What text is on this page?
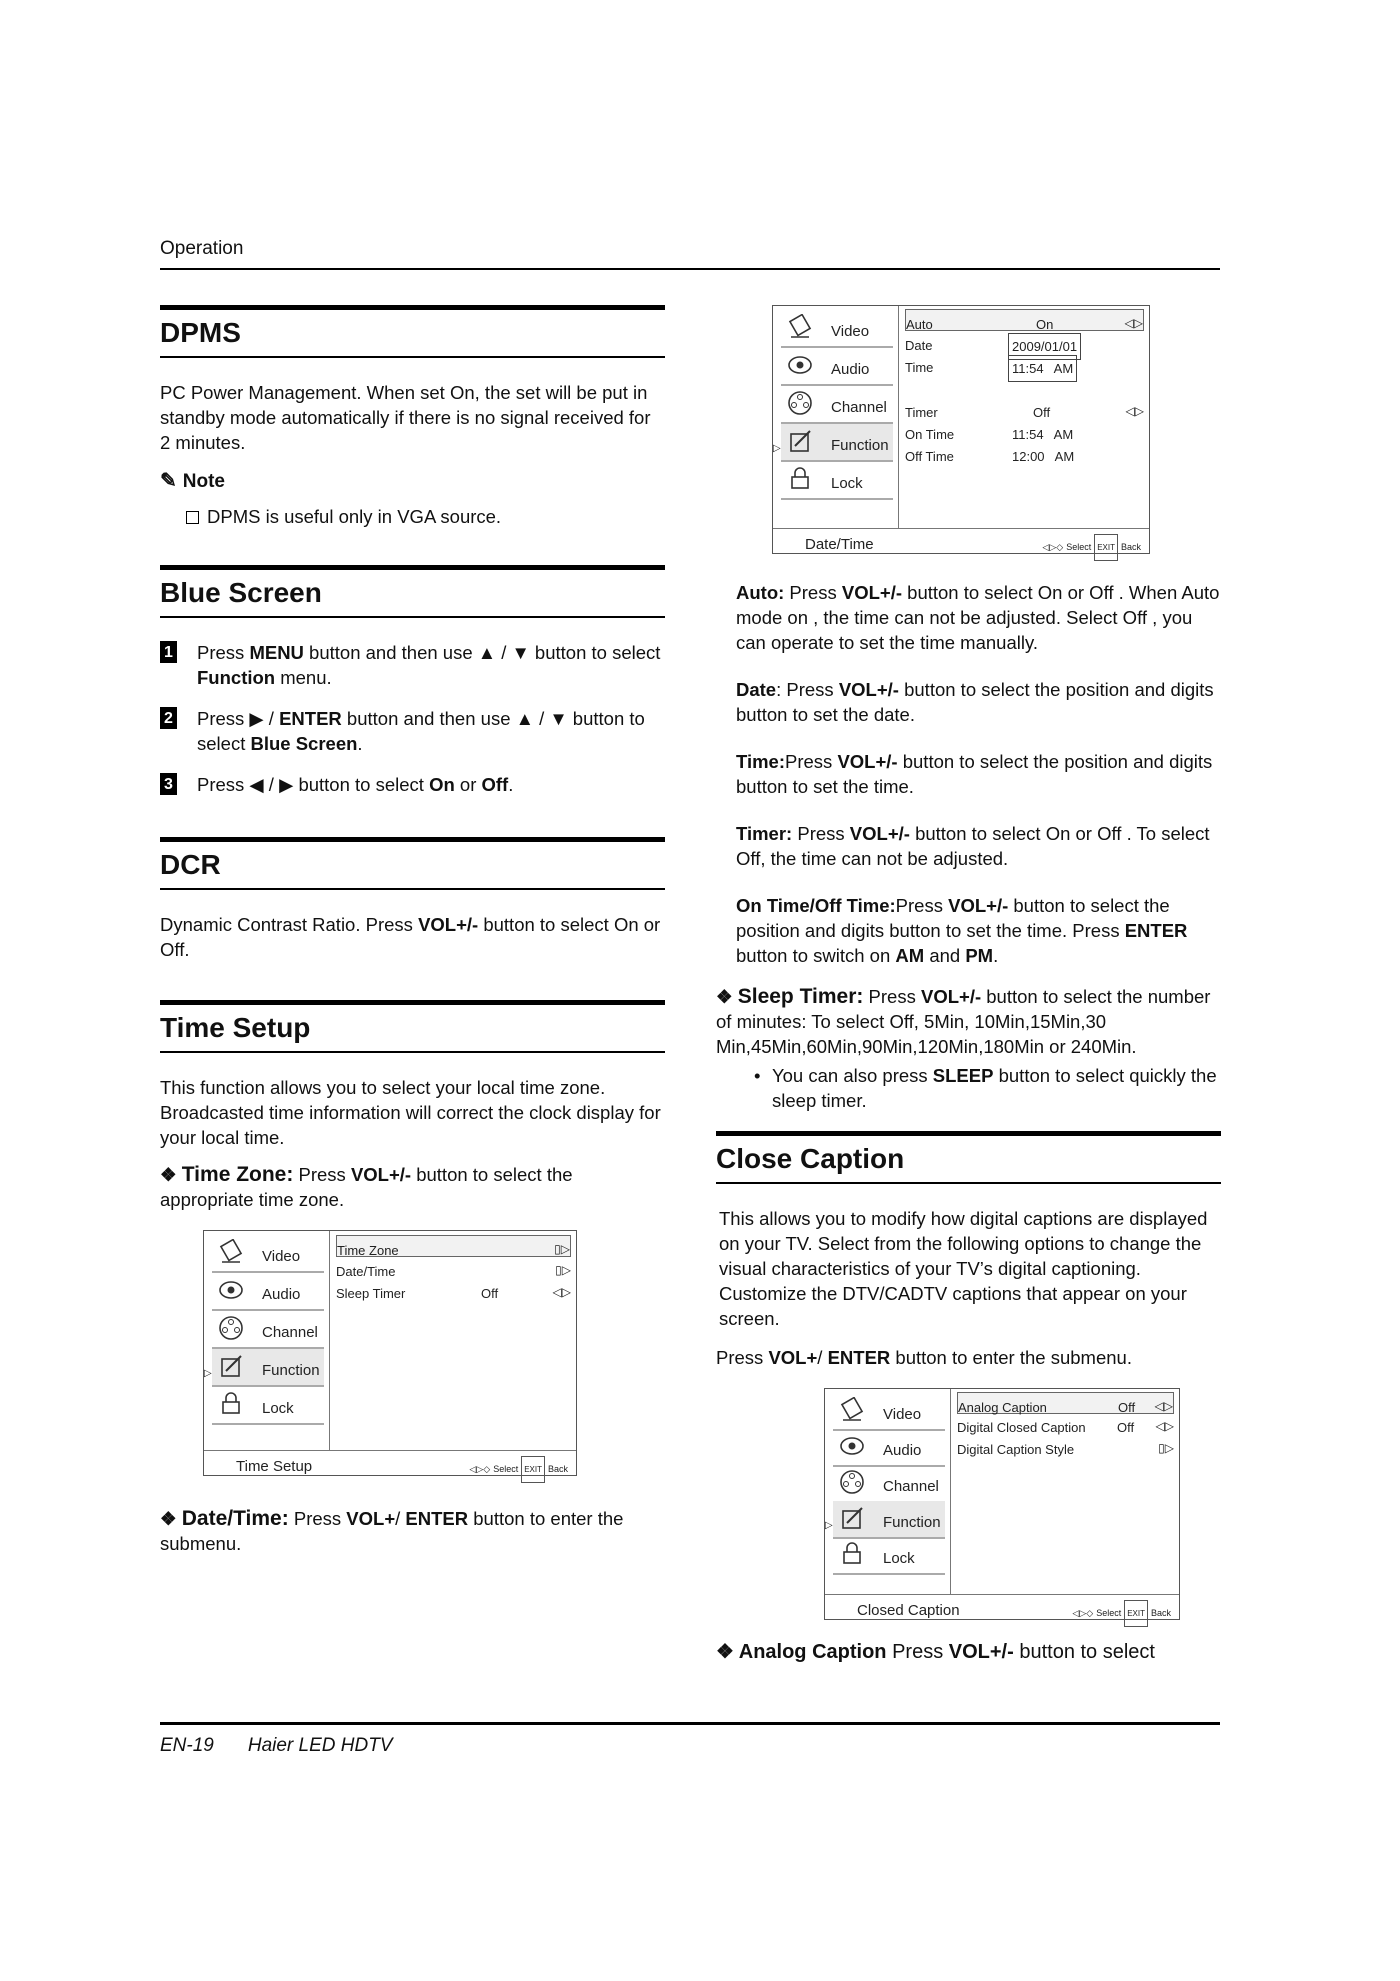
Operation
DPMS

PC Power Management. When set On, the set will be put in standby mode automatically if there is no signal received for 2 minutes.

✎ Note
DPMS is useful only in VGA source.
Blue Screen
1 Press MENU button and then use ▲ / ▼ button to select Function menu.
2 Press ▶ / ENTER button and then use ▲ / ▼ button to select Blue Screen.
3 Press ◀ / ▶ button to select On or Off.
DCR

Dynamic Contrast Ratio. Press VOL+/- button to select On or Off.

Time Setup

This function allows you to select your local time zone. Broadcasted time information will correct the clock display for your local time.

❖ Time Zone: Press VOL+/- button to select the appropriate time zone.

Video
Audio
Channel
▷	Function
Lock
Time Zone	▯▷
Date/Time	▯▷
Sleep Timer	Off	◁▷
Time Setup	◁▷◇ Select EXIT Back

❖ Date/Time: Press VOL+/ ENTER button to enter the submenu.

Video
Audio
Channel
▷	Function
Lock
Auto	On	◁▷
Date	2009/01/01
Time	11:54   AM
Timer	Off	◁▷
On Time	11:54   AM
Off Time	12:00   AM
Date/Time	◁▷◇ Select EXIT Back

Auto: Press VOL+/- button to select On or Off . When Auto mode on , the time can not be adjusted. Select Off , you can operate to set the time manually.

Date: Press VOL+/- button to select the position and digits button to set the date.

Time:Press VOL+/- button to select the position and digits button to set the time.

Timer: Press VOL+/- button to select On or Off . To select Off, the time can not be adjusted.

On Time/Off Time:Press VOL+/- button to select the position and digits button to set the time. Press ENTER button to switch on AM and PM.

❖ Sleep Timer: Press VOL+/- button to select the number of minutes: To select Off, 5Min, 10Min,15Min,30 Min,45Min,60Min,90Min,120Min,180Min or 240Min.

• You can also press SLEEP button to select quickly the sleep timer.
Close Caption

This allows you to modify how digital captions are displayed on your TV. Select from the following options to change the visual characteristics of your TV’s digital captioning. Customize the DTV/CADTV captions that appear on your screen.

Press VOL+/ ENTER button to enter the submenu.

Video
Audio
Channel
▷	Function
Lock
Analog Caption	Off ◁▷
Digital Closed Caption Off ◁▷
Digital Caption Style	▯▷
Closed Caption	◁▷◇ Select EXIT Back

❖ Analog Caption Press VOL+/- button to select

EN-19 Haier LED HDTV
